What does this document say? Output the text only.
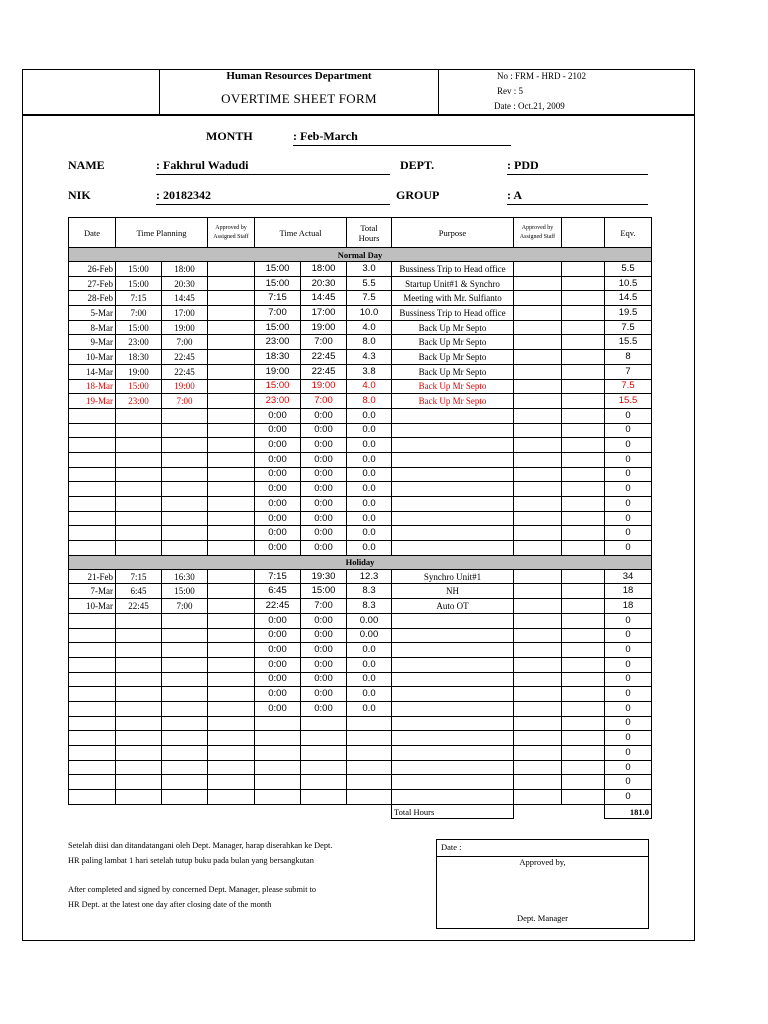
Human Resources Department
OVERTIME SHEET FORM
No : FRM - HRD - 2102
Rev : 5
Date : Oct.21, 2009
MONTH	: Feb-March
NAME	: Fakhrul Wadudi	DEPT.	: PDD
NIK	: 20182342	GROUP	: A
Date	Time Planning		Approved by Assigned Staff	Time Actual		Total Hours	Purpose	Approved by Assigned Staff		Eqv.
Normal Day										
26-Feb	15:00	18:00		15:00	18:00	3.0	Bussiness Trip to Head office			5.5
27-Feb	15:00	20:30		15:00	20:30	5.5	Startup Unit#1 & Synchro			10.5
28-Feb	7:15	14:45		7:15	14:45	7.5	Meeting with Mr. Sulfianto			14.5
5-Mar	7:00	17:00		7:00	17:00	10.0	Bussiness Trip to Head office			19.5
8-Mar	15:00	19:00		15:00	19:00	4.0	Back Up Mr Septo			7.5
9-Mar	23:00	7:00		23:00	7:00	8.0	Back Up Mr Septo			15.5
10-Mar	18:30	22:45		18:30	22:45	4.3	Back Up Mr Septo			8
14-Mar	19:00	22:45		19:00	22:45	3.8	Back Up Mr Septo			7
18-Mar	15:00	19:00		15:00	19:00	4.0	Back Up Mr Septo			7.5
19-Mar	23:00	7:00		23:00	7:00	8.0	Back Up Mr Septo			15.5
				0:00	0:00	0.0				0
				0:00	0:00	0.0				0
				0:00	0:00	0.0				0
				0:00	0:00	0.0				0
				0:00	0:00	0.0				0
				0:00	0:00	0.0				0
				0:00	0:00	0.0				0
				0:00	0:00	0.0				0
				0:00	0:00	0.0				0
				0:00	0:00	0.0				0
Holiday										
21-Feb	7:15	16:30		7:15	19:30	12.3	Synchro Unit#1			34
7-Mar	6:45	15:00		6:45	15:00	8.3	NH			18
10-Mar	22:45	7:00		22:45	7:00	8.3	Auto OT			18
				0:00	0:00	0.00				0
				0:00	0:00	0.00				0
				0:00	0:00	0.0				0
				0:00	0:00	0.0				0
				0:00	0:00	0.0				0
				0:00	0:00	0.0				0
				0:00	0:00	0.0				0
										0
										0
										0
										0
										0
										0
							Total Hours			181.0
Setelah diisi dan ditandatangani oleh Dept. Manager, harap diserahkan ke Dept.
HR paling lambat 1 hari setelah tutup buku pada bulan yang bersangkutan
After completed and signed by concerned Dept. Manager, please submit to
HR Dept. at the latest one day after closing date of the month
Date :
Approved by,
Dept. Manager
